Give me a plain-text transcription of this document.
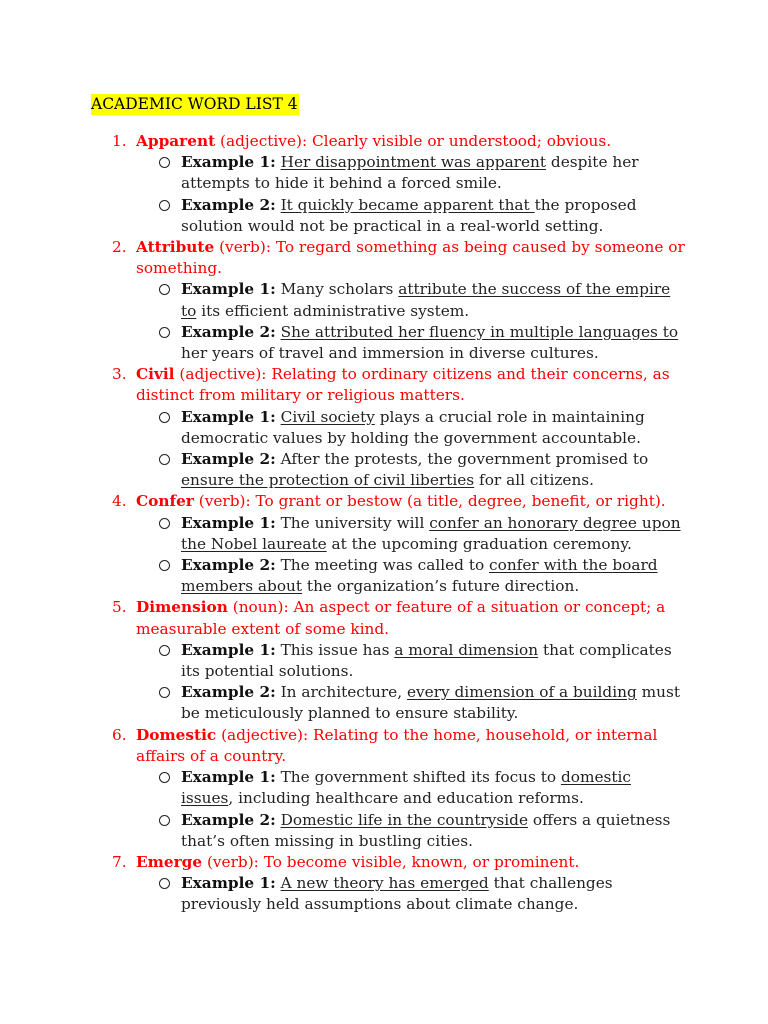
ACADEMIC WORD LIST 4
1. Apparent (adjective): Clearly visible or understood; obvious.
Example 1: Her disappointment was apparent despite her attempts to hide it behind a forced smile.
Example 2: It quickly became apparent that the proposed solution would not be practical in a real-world setting.
2. Attribute (verb): To regard something as being caused by someone or something.
Example 1: Many scholars attribute the success of the empire to its efficient administrative system.
Example 2: She attributed her fluency in multiple languages to her years of travel and immersion in diverse cultures.
3. Civil (adjective): Relating to ordinary citizens and their concerns, as distinct from military or religious matters.
Example 1: Civil society plays a crucial role in maintaining democratic values by holding the government accountable.
Example 2: After the protests, the government promised to ensure the protection of civil liberties for all citizens.
4. Confer (verb): To grant or bestow (a title, degree, benefit, or right).
Example 1: The university will confer an honorary degree upon the Nobel laureate at the upcoming graduation ceremony.
Example 2: The meeting was called to confer with the board members about the organization’s future direction.
5. Dimension (noun): An aspect or feature of a situation or concept; a measurable extent of some kind.
Example 1: This issue has a moral dimension that complicates its potential solutions.
Example 2: In architecture, every dimension of a building must be meticulously planned to ensure stability.
6. Domestic (adjective): Relating to the home, household, or internal affairs of a country.
Example 1: The government shifted its focus to domestic issues, including healthcare and education reforms.
Example 2: Domestic life in the countryside offers a quietness that’s often missing in bustling cities.
7. Emerge (verb): To become visible, known, or prominent.
Example 1: A new theory has emerged that challenges previously held assumptions about climate change.
